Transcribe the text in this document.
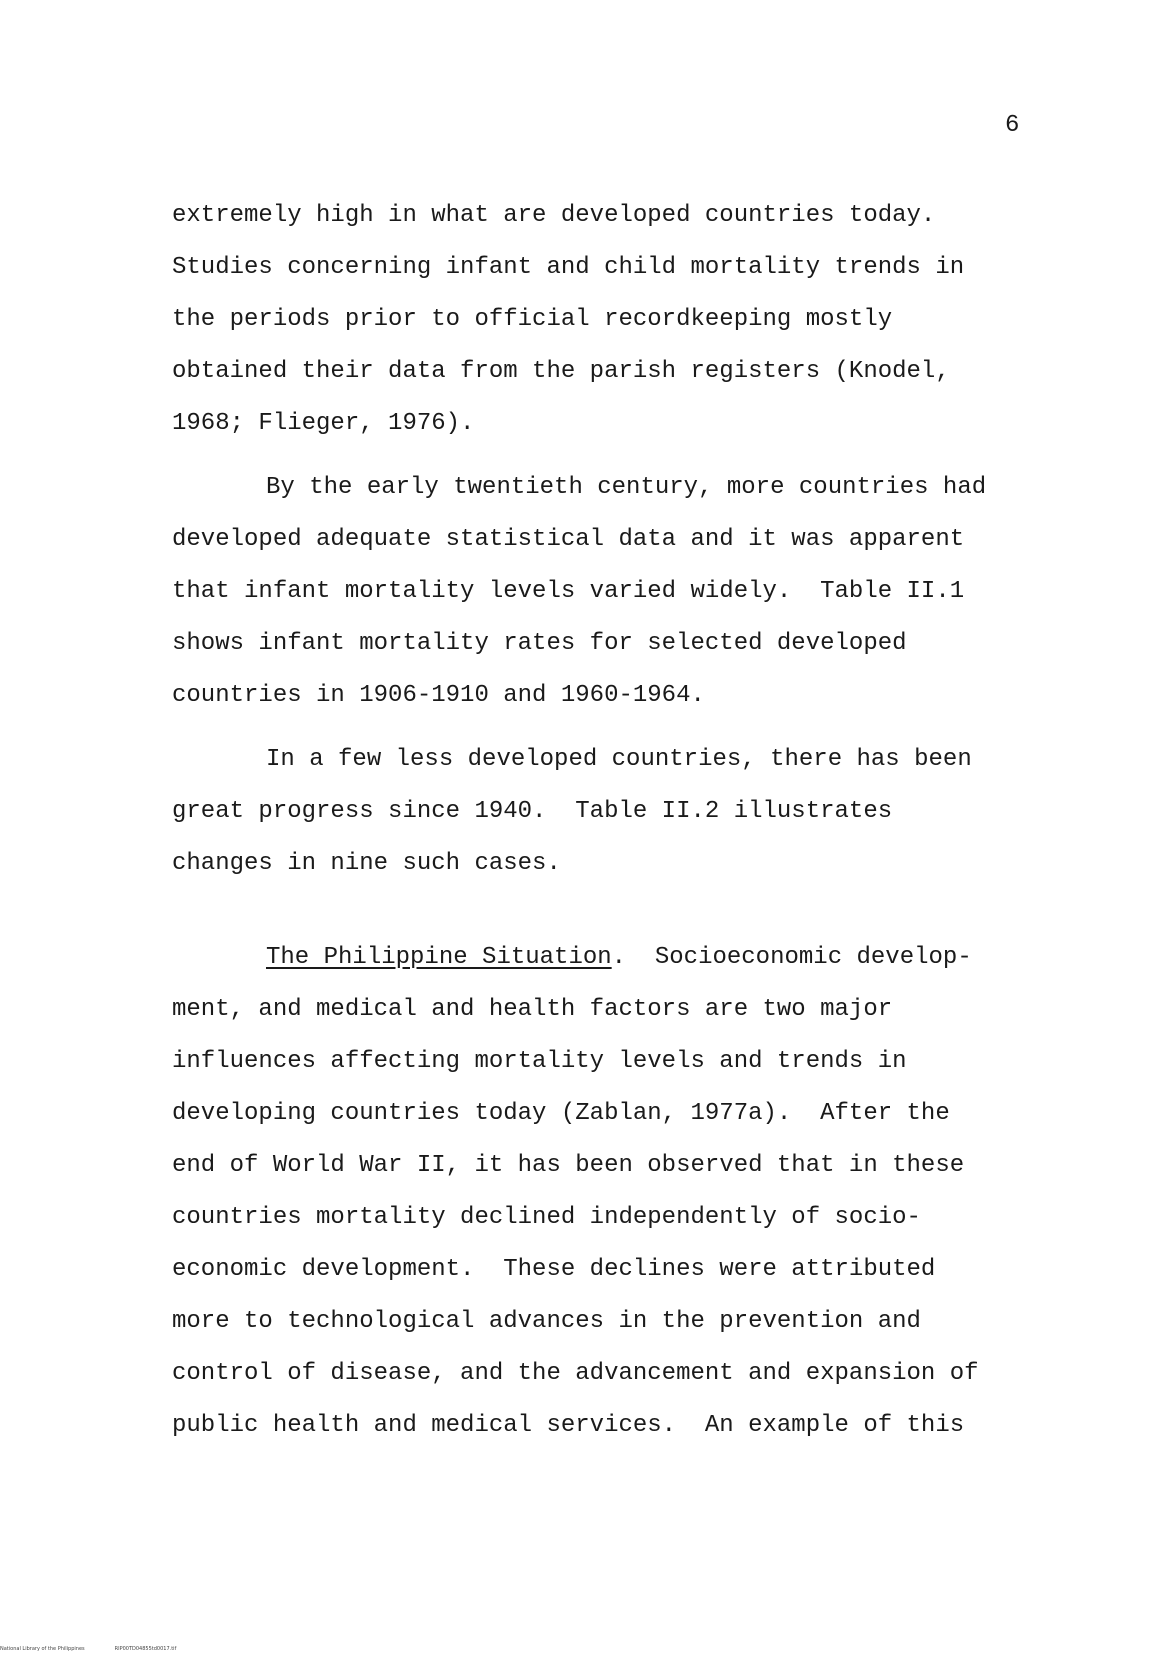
6
extremely high in what are developed countries today.
Studies concerning infant and child mortality trends in
the periods prior to official recordkeeping mostly
obtained their data from the parish registers (Knodel,
1968; Flieger, 1976).
By the early twentieth century, more countries had
developed adequate statistical data and it was apparent
that infant mortality levels varied widely.  Table II.1
shows infant mortality rates for selected developed
countries in 1906-1910 and 1960-1964.
In a few less developed countries, there has been
great progress since 1940.  Table II.2 illustrates
changes in nine such cases.
The Philippine Situation.  Socioeconomic develop-
ment, and medical and health factors are two major
influences affecting mortality levels and trends in
developing countries today (Zablan, 1977a).  After the
end of World War II, it has been observed that in these
countries mortality declined independently of socio-
economic development.  These declines were attributed
more to technological advances in the prevention and
control of disease, and the advancement and expansion of
public health and medical services.  An example of this
National Library of the Philippines	RIP00TD04855td0017.tif
